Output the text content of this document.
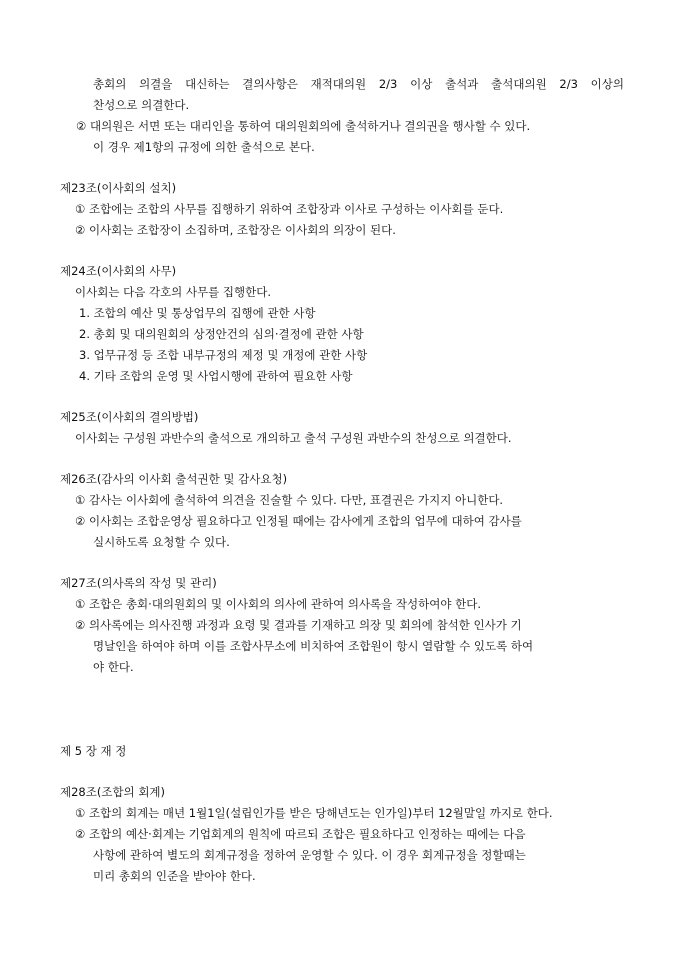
총회의 의결을 대신하는 결의사항은 재적대의원 2/3 이상 출석과 출석대의원 2/3 이상의
찬성으로 의결한다.
② 대의원은 서면 또는 대리인을 통하여 대의원회의에 출석하거나 결의권을 행사할 수 있다.
이 경우 제1항의 규정에 의한 출석으로 본다.
제23조(이사회의 설치)
① 조합에는 조합의 사무를 집행하기 위하여 조합장과 이사로 구성하는 이사회를 둔다.
② 이사회는 조합장이 소집하며, 조합장은 이사회의 의장이 된다.
제24조(이사회의 사무)
이사회는 다음 각호의 사무를 집행한다.
1. 조합의 예산 및 통상업무의 집행에 관한 사항
2. 총회 및 대의원회의 상정안건의 심의·결정에 관한 사항
3. 업무규정 등 조합 내부규정의 제정 및 개정에 관한 사항
4. 기타 조합의 운영 및 사업시행에 관하여 필요한 사항
제25조(이사회의 결의방법)
이사회는 구성원 과반수의 출석으로 개의하고 출석 구성원 과반수의 찬성으로 의결한다.
제26조(감사의 이사회 출석권한 및 감사요청)
① 감사는 이사회에 출석하여 의견을 진술할 수 있다. 다만, 표결권은 가지지 아니한다.
② 이사회는 조합운영상 필요하다고 인정될 때에는 감사에게 조합의 업무에 대하여 감사를
실시하도록 요청할 수 있다.
제27조(의사록의 작성 및 관리)
① 조합은 총회·대의원회의 및 이사회의 의사에 관하여 의사록을 작성하여야 한다.
② 의사록에는 의사진행 과정과 요령 및 결과를 기재하고 의장 및 회의에 참석한 인사가 기
명날인을 하여야 하며 이를 조합사무소에 비치하여 조합원이 항시 열람할 수 있도록 하여
야 한다.
제 5 장 재 정
제28조(조합의 회계)
① 조합의 회계는 매년 1월1일(설립인가를 받은 당해년도는 인가일)부터 12월말일 까지로 한다.
② 조합의 예산·회계는 기업회계의 원칙에 따르되 조합은 필요하다고 인정하는 때에는 다음
사항에 관하여 별도의 회계규정을 정하여 운영할 수 있다. 이 경우 회계규정을 정할때는
미리 총회의 인준을 받아야 한다.
